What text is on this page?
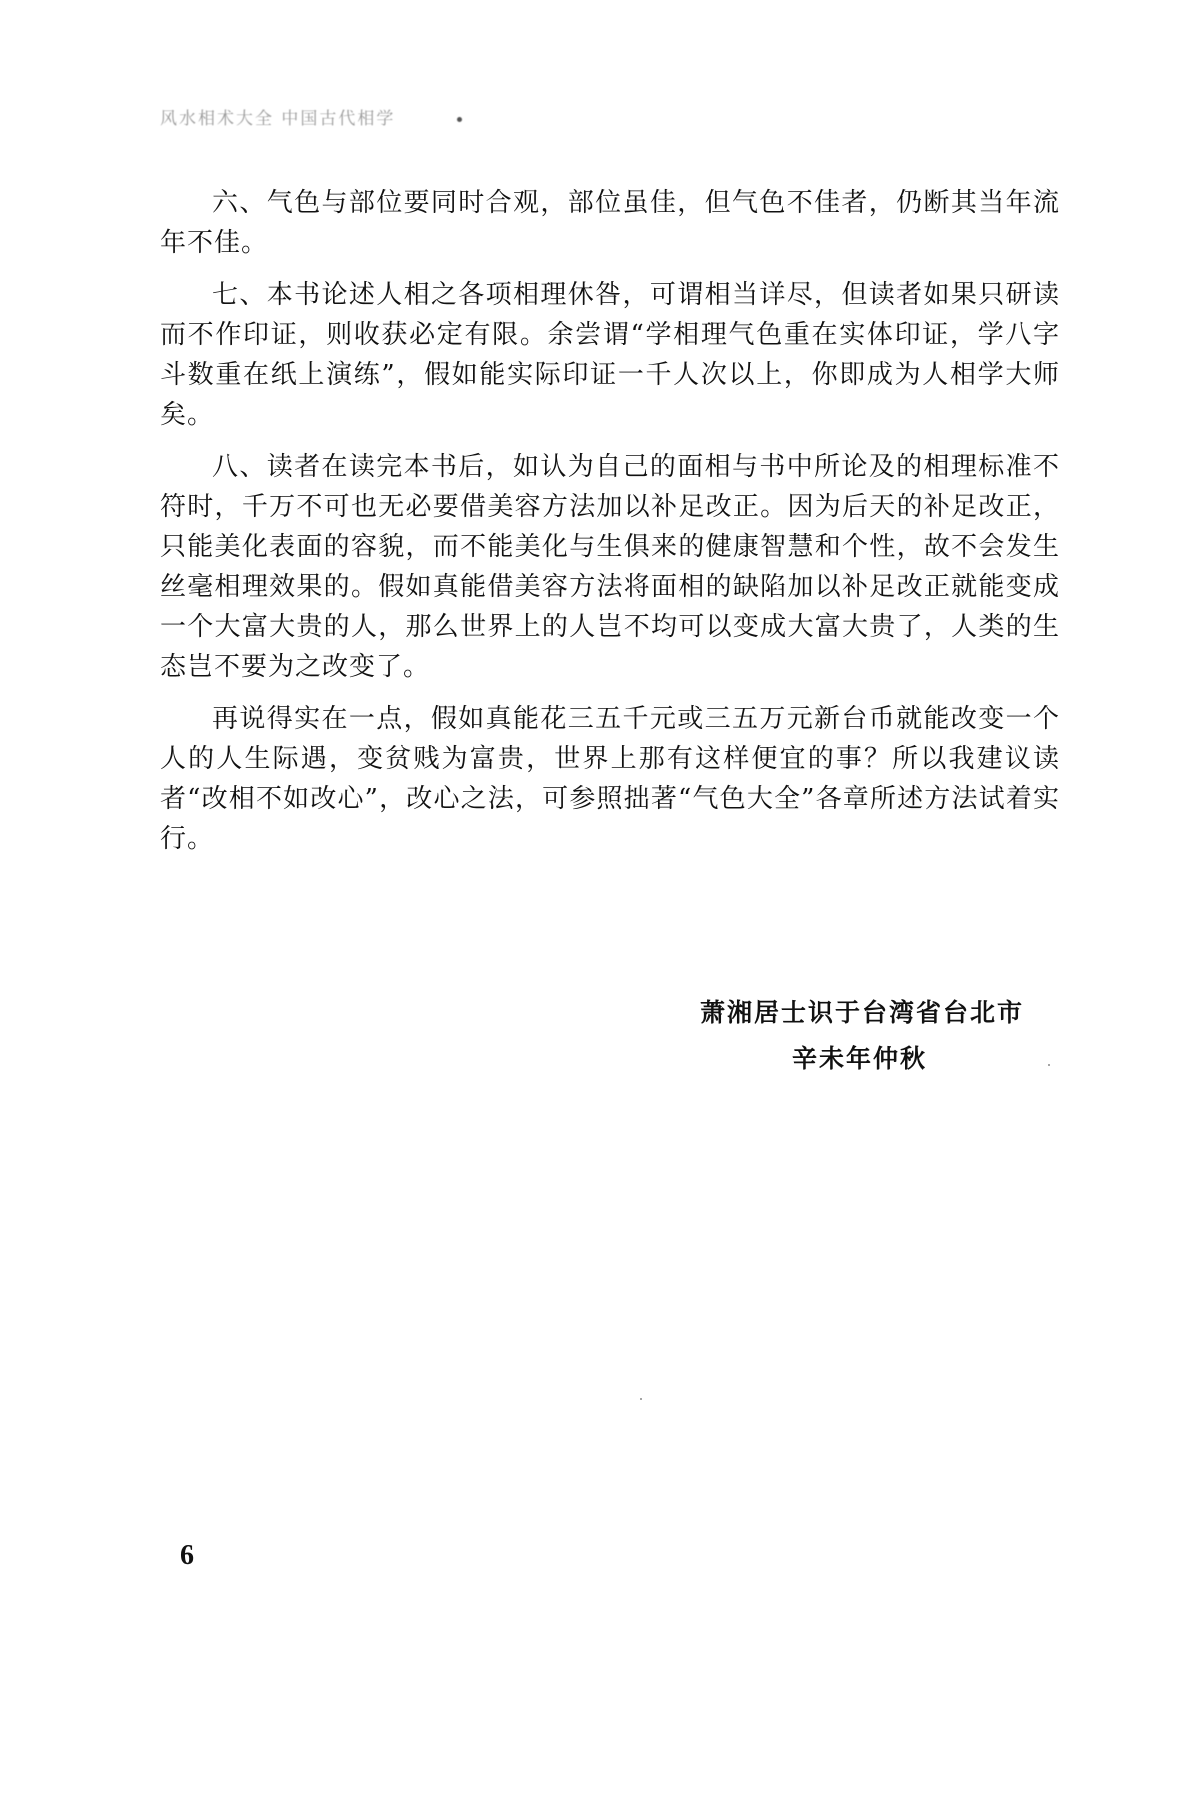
风水相术大全 中国古代相学

六、气色与部位要同时合观，部位虽佳，但气色不佳者，仍断其当年流年不佳。

七、本书论述人相之各项相理休咎，可谓相当详尽，但读者如果只研读而不作印证，则收获必定有限。余尝谓“学相理气色重在实体印证，学八字斗数重在纸上演练”，假如能实际印证一千人次以上，你即成为人相学大师矣。

八、读者在读完本书后，如认为自己的面相与书中所论及的相理标准不符时，千万不可也无必要借美容方法加以补足改正。因为后天的补足改正，只能美化表面的容貌，而不能美化与生俱来的健康智慧和个性，故不会发生丝毫相理效果的。假如真能借美容方法将面相的缺陷加以补足改正就能变成一个大富大贵的人，那么世界上的人岂不均可以变成大富大贵了，人类的生态岂不要为之改变了。

再说得实在一点，假如真能花三五千元或三五万元新台币就能改变一个人的人生际遇，变贫贱为富贵，世界上那有这样便宜的事？所以我建议读者“改相不如改心”，改心之法，可参照拙著“气色大全”各章所述方法试着实行。

萧湘居士识于台湾省台北市
辛未年仲秋
6
